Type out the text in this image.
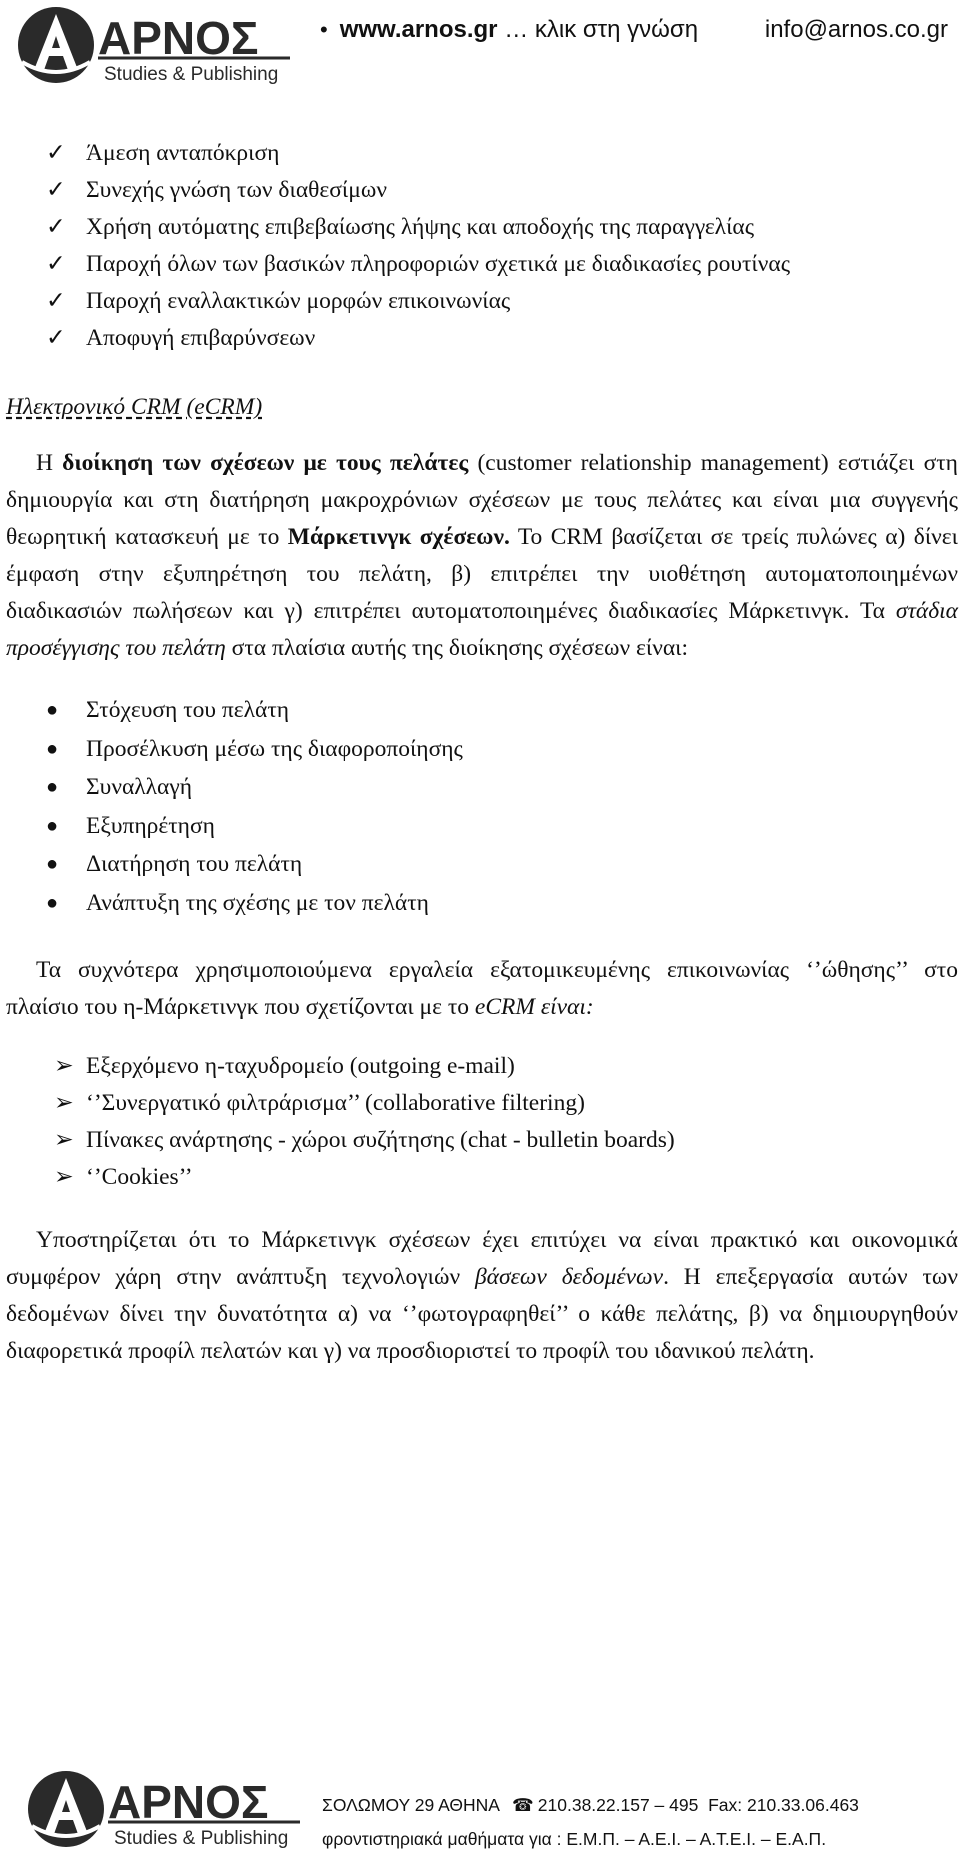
ΑΡΝΟΣ
Studies & Publishing
• www.arnos.gr … κλικ στη γνώση	info@arnos.co.gr
✓ Άμεση ανταπόκριση
✓ Συνεχής γνώση των διαθεσίμων
✓ Χρήση αυτόματης επιβεβαίωσης λήψης και αποδοχής της παραγγελίας
✓ Παροχή όλων των βασικών πληροφοριών σχετικά με διαδικασίες ρουτίνας
✓ Παροχή εναλλακτικών μορφών επικοινωνίας
✓ Αποφυγή επιβαρύνσεων
Ηλεκτρονικό CRM (eCRM)

Η διοίκηση των σχέσεων με τους πελάτες (customer relationship management) εστιάζει στη δημιουργία και στη διατήρηση μακροχρόνιων σχέσεων με τους πελάτες και είναι μια συγγενής θεωρητική κατασκευή με το Μάρκετινγκ σχέσεων. Το CRM βασίζεται σε τρείς πυλώνες α) δίνει έμφαση στην εξυπηρέτηση του πελάτη, β) επιτρέπει την υιοθέτηση αυτοματοποιημένων διαδικασιών πωλήσεων και γ) επιτρέπει αυτοματοποιημένες διαδικασίες Μάρκετινγκ. Τα στάδια προσέγγισης του πελάτη στα πλαίσια αυτής της διοίκησης σχέσεων είναι:

● Στόχευση του πελάτη
● Προσέλκυση μέσω της διαφοροποίησης
● Συναλλαγή
● Εξυπηρέτηση
● Διατήρηση του πελάτη
● Ανάπτυξη της σχέσης με τον πελάτη

Τα συχνότερα χρησιμοποιούμενα εργαλεία εξατομικευμένης επικοινωνίας ‘’ώθησης’’ στο πλαίσιο του η-Μάρκετινγκ που σχετίζονται με το eCRM είναι:

➢ Εξερχόμενο η-ταχυδρομείο (outgoing e-mail)
➢ ‘’Συνεργατικό φιλτράρισμα’’ (collaborative filtering)
➢ Πίνακες ανάρτησης - χώροι συζήτησης (chat - bulletin boards)
➢ ‘’Cookies’’

Υποστηρίζεται ότι το Μάρκετινγκ σχέσεων έχει επιτύχει να είναι πρακτικό και οικονομικά συμφέρον χάρη στην ανάπτυξη τεχνολογιών βάσεων δεδομένων. Η επεξεργασία αυτών των δεδομένων δίνει την δυνατότητα α) να ‘’φωτογραφηθεί’’ ο κάθε πελάτης, β) να δημιουργηθούν διαφορετικά προφίλ πελατών και γ) να προσδιοριστεί το προφίλ του ιδανικού πελάτη.

ΑΡΝΟΣ
Studies & Publishing
ΣΟΛΩΜΟΥ 29 ΑΘΗΝΑ ☎ 210.38.22.157 – 495 Fax: 210.33.06.463
φροντιστηριακά μαθήματα για : Ε.Μ.Π. – Α.Ε.Ι. – Α.Τ.Ε.Ι. – Ε.Α.Π.
